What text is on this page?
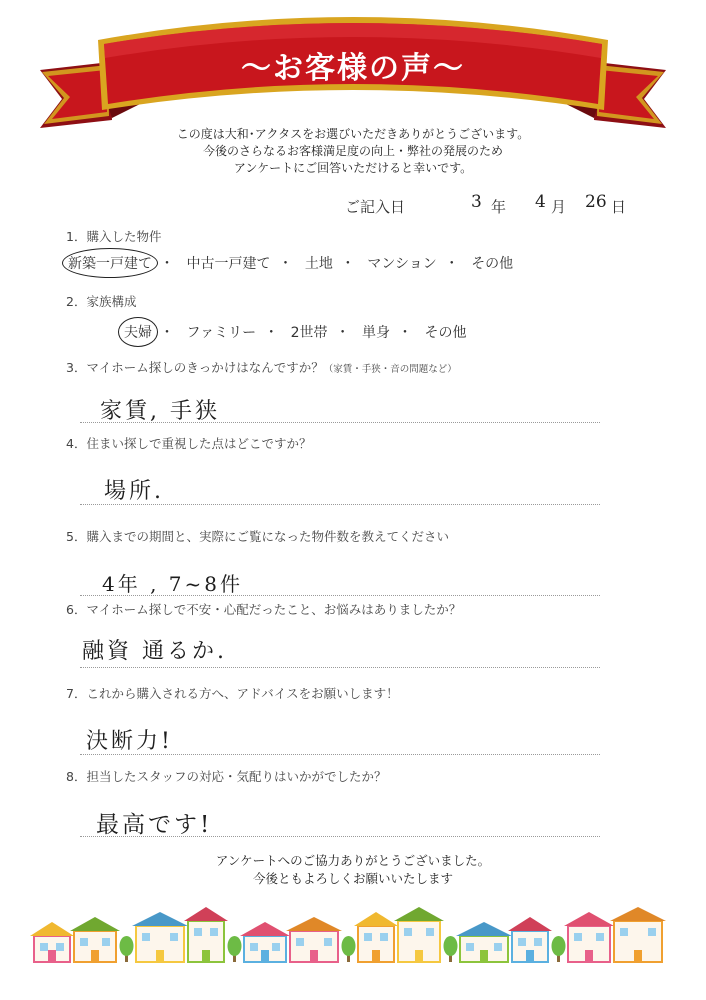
～お客様の声～
この度は大和･アクタスをお選びいただきありがとうございます。
今後のさらなるお客様満足度の向上・弊社の発展のため
アンケートにご回答いただけると幸いです。
ご記入日	3 年 4 月 26 日
1．購入した物件
新築一戸建て ・ 中古一戸建て ・ 土地 ・ マンション ・ その他
2．家族構成
夫婦 ・ ファミリー ・ 2世帯 ・ 単身 ・ その他
3．マイホーム探しのきっかけはなんですか？（家賃・手狭・音の問題など）
家賃, 手狭
4．住まい探しで重視した点はどこですか？
場所.
5．購入までの期間と、実際にご覧になった物件数を教えてください
4年 , 7~8件
6．マイホーム探しで不安・心配だったこと、お悩みはありましたか？
融資 通るか.
7．これから購入される方へ、アドバイスをお願いします！
決断力!
8．担当したスタッフの対応・気配りはいかがでしたか？
最高です!
アンケートへのご協力ありがとうございました。
今後ともよろしくお願いいたします
